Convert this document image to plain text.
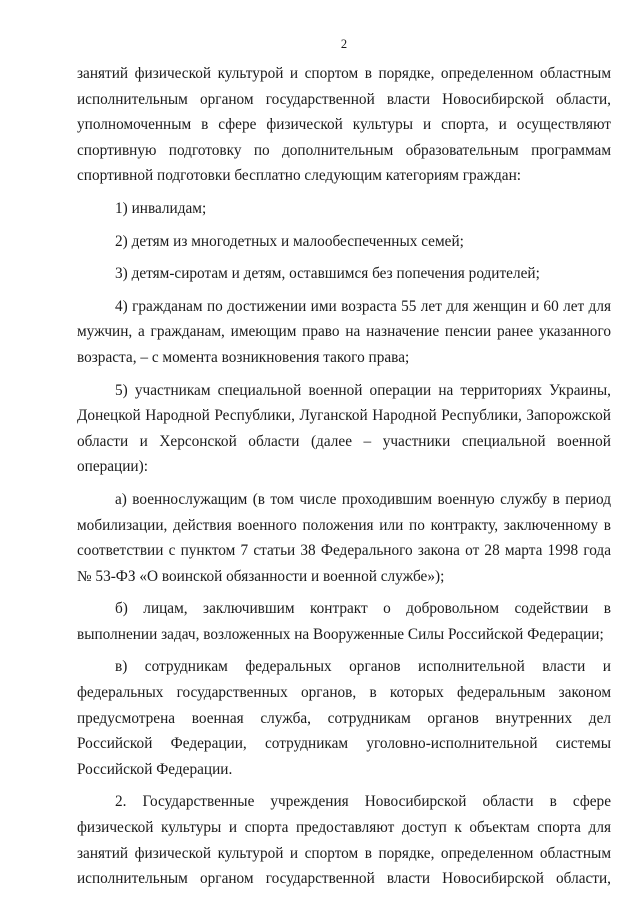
2

занятий физической культурой и спортом в порядке, определенном областным исполнительным органом государственной власти Новосибирской области, уполномоченным в сфере физической культуры и спорта, и осуществляют спортивную подготовку по дополнительным образовательным программам спортивной подготовки бесплатно следующим категориям граждан:

1) инвалидам;

2) детям из многодетных и малообеспеченных семей;

3) детям-сиротам и детям, оставшимся без попечения родителей;

4) гражданам по достижении ими возраста 55 лет для женщин и 60 лет для мужчин, а гражданам, имеющим право на назначение пенсии ранее указанного возраста, – с момента возникновения такого права;

5) участникам специальной военной операции на территориях Украины, Донецкой Народной Республики, Луганской Народной Республики, Запорожской области и Херсонской области (далее – участники специальной военной операции):

а) военнослужащим (в том числе проходившим военную службу в период мобилизации, действия военного положения или по контракту, заключенному в соответствии с пунктом 7 статьи 38 Федерального закона от 28 марта 1998 года № 53-ФЗ «О воинской обязанности и военной службе»);

б) лицам, заключившим контракт о добровольном содействии в выполнении задач, возложенных на Вооруженные Силы Российской Федерации;

в) сотрудникам федеральных органов исполнительной власти и федеральных государственных органов, в которых федеральным законом предусмотрена военная служба, сотрудникам органов внутренних дел Российской Федерации, сотрудникам уголовно-исполнительной системы Российской Федерации.

2. Государственные учреждения Новосибирской области в сфере физической культуры и спорта предоставляют доступ к объектам спорта для занятий физической культурой и спортом в порядке, определенном областным исполнительным органом государственной власти Новосибирской области,
